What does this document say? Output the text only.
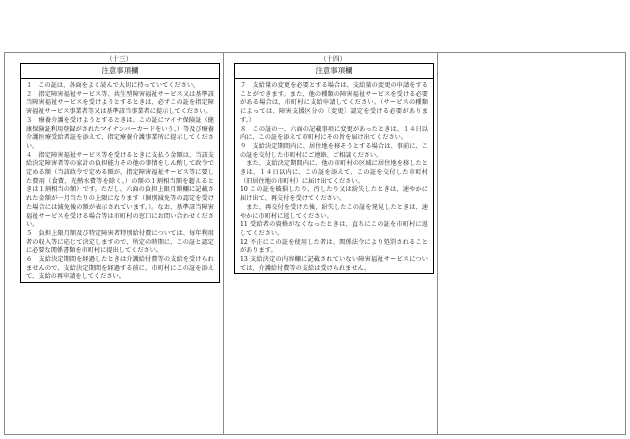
（十三）
注意事項欄

１　この証は、各面をよく読んで大切に持っていてください。

２　指定障害福祉サービス等、共生型障害福祉サービス又は基準該当障害福祉サービスを受けようとするときは、必ずこの証を指定障害福祉サービス事業者等又は基準該当事業者に提示してください。

３　療養介護を受けようとするときは、この証にマイナ保険証（健康保険証利用登録がされたマイナンバーカードをいう。）等及び療養介護医療受給者証を添えて、指定療養介護事業所に提示してください。

４　指定障害福祉サービス等を受けるときに支払う金額は、当該支給決定障害者等の家計の負担能力その他の事情をしん酌して政令で定める額（当該政令で定める額が、指定障害福祉サービス等に要した費用（食費、光熱水費等を除く。）の額の１割相当額を超えるときは１割相当の額）です。ただし、六面の負担上限月額欄に記載された金額が一月当たりの上限になります（個別減免等の認定を受けた場合には減免後の額が表示されています。）。なお、基準該当障害福祉サービスを受ける場合等は市町村の窓口にお問い合わせください。

５　負担上限月額及び特定障害者特別給付費については、毎年利用者の収入等に応じて決定しますので、所定の時期に、この証と認定に必要な関係書類を市町村に提出してください。

６　支給決定期間を経過したときは介護給付費等の支給を受けられませんので、支給決定期間を経過する前に、市町村にこの証を添えて、支給の再申請をしてください。

（十四）
注意事項欄

７　支給量の変更を必要とする場合は、支給量の変更の申請をすることができます。また、他の種類の障害福祉サービスを受ける必要がある場合は、市町村に支給申請してください。（サービスの種類によっては、障害支援区分の〔変更〕認定を受ける必要があります。）

８　この証の一、六面の記載事項に変更があったときは、１４日以内に、この証を添えて市町村にその旨を届け出てください。

９　支給決定期間内に、居住地を移そうとする場合は、事前に、この証を交付した市町村にご連絡、ご相談ください。

　また、支給決定期間内に、他の市町村の区域に居住地を移したときは、１４日以内に、この証を添えて、この証を交付した市町村（旧居住地の市町村）に届け出てください。

10 この証を破損したり、汚したり又は紛失したときは、速やかに届け出て、再交付を受けてください。

　また、再交付を受けた後、紛失したこの証を発見したときは、速やかに市町村に返してください。

11 受給者の資格がなくなったときは、直ちにこの証を市町村に返してください。

12 不正にこの証を使用した者は、関係法令により処罰されることがあります。

13 支給決定の内容欄に記載されていない障害福祉サービスについては、介護給付費等の支給は受けられません。
